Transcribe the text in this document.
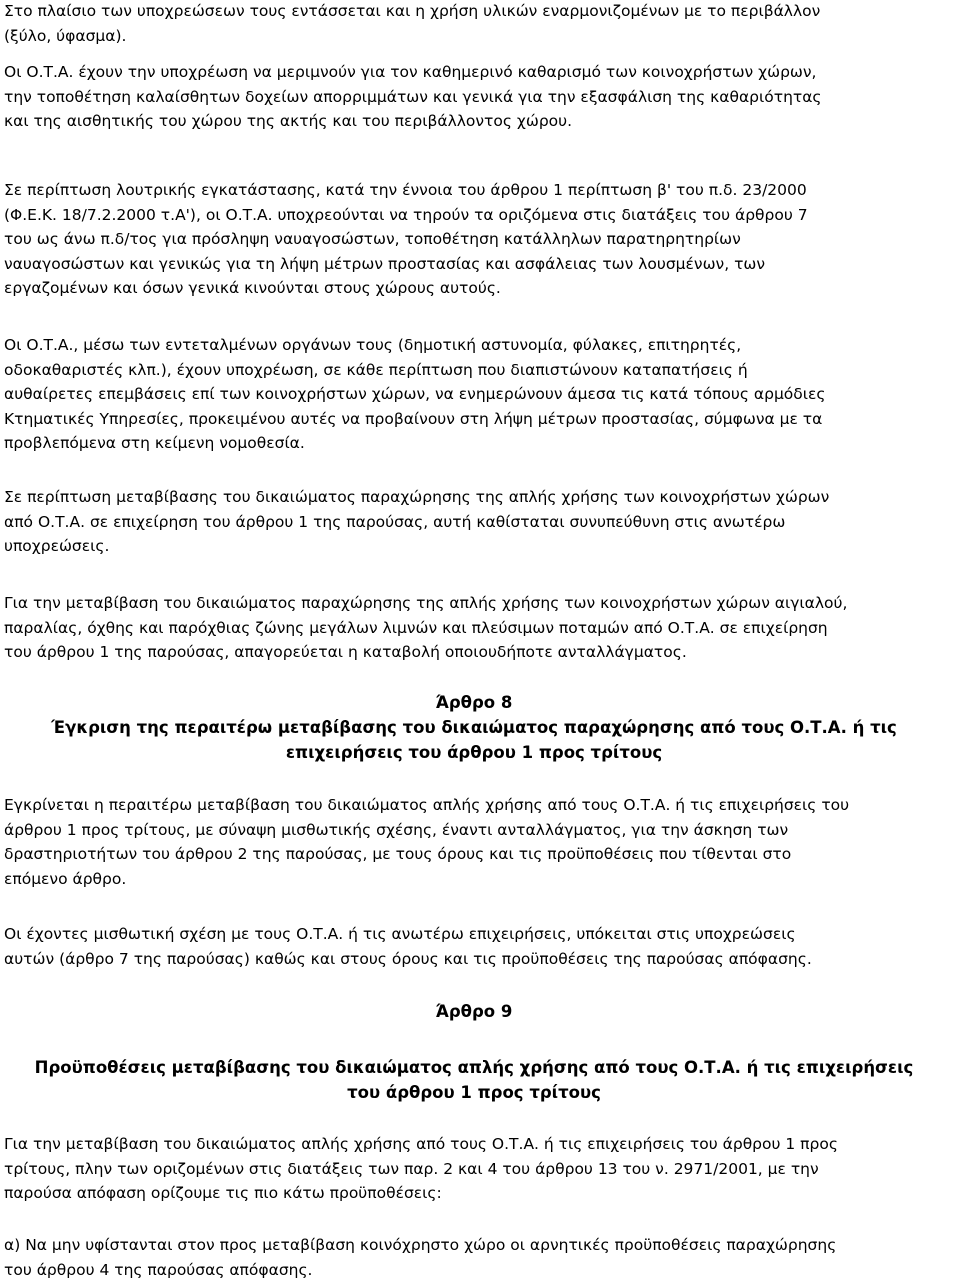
Στο πλαίσιο των υποχρεώσεων τους εντάσσεται και η χρήση υλικών εναρμονιζομένων με το περιβάλλον
(ξύλο, ύφασμα).

Οι Ο.Τ.Α. έχουν την υποχρέωση να μεριμνούν για τον καθημερινό καθαρισμό των κοινοχρήστων χώρων,
την τοποθέτηση καλαίσθητων δοχείων απορριμμάτων και γενικά για την εξασφάλιση της καθαριότητας
και της αισθητικής του χώρου της ακτής και του περιβάλλοντος χώρου.

Σε περίπτωση λουτρικής εγκατάστασης, κατά την έννοια του άρθρου 1 περίπτωση β' του π.δ. 23/2000
(Φ.Ε.Κ. 18/7.2.2000 τ.Α'), οι Ο.Τ.Α. υποχρεούνται να τηρούν τα οριζόμενα στις διατάξεις του άρθρου 7
του ως άνω π.δ/τος για πρόσληψη ναυαγοσώστων, τοποθέτηση κατάλληλων παρατηρητηρίων
ναυαγοσώστων και γενικώς για τη λήψη μέτρων προστασίας και ασφάλειας των λουσμένων, των
εργαζομένων και όσων γενικά κινούνται στους χώρους αυτούς.

Οι Ο.Τ.Α., μέσω των εντεταλμένων οργάνων τους (δημοτική αστυνομία, φύλακες, επιτηρητές,
οδοκαθαριστές κλπ.), έχουν υποχρέωση, σε κάθε περίπτωση που διαπιστώνουν καταπατήσεις ή
αυθαίρετες επεμβάσεις επί των κοινοχρήστων χώρων, να ενημερώνουν άμεσα τις κατά τόπους αρμόδιες
Κτηματικές Υπηρεσίες, προκειμένου αυτές να προβαίνουν στη λήψη μέτρων προστασίας, σύμφωνα με τα
προβλεπόμενα στη κείμενη νομοθεσία.

Σε περίπτωση μεταβίβασης του δικαιώματος παραχώρησης της απλής χρήσης των κοινοχρήστων χώρων
από Ο.Τ.Α. σε επιχείρηση του άρθρου 1 της παρούσας, αυτή καθίσταται συνυπεύθυνη στις ανωτέρω
υποχρεώσεις.

Για την μεταβίβαση του δικαιώματος παραχώρησης της απλής χρήσης των κοινοχρήστων χώρων αιγιαλού,
παραλίας, όχθης και παρόχθιας ζώνης μεγάλων λιμνών και πλεύσιμων ποταμών από Ο.Τ.Α. σε επιχείρηση
του άρθρου 1 της παρούσας, απαγορεύεται η καταβολή οποιουδήποτε ανταλλάγματος.

Άρθρο 8

Έγκριση της περαιτέρω μεταβίβασης του δικαιώματος παραχώρησης από τους Ο.Τ.Α. ή τις
επιχειρήσεις του άρθρου 1 προς τρίτους

Εγκρίνεται η περαιτέρω μεταβίβαση του δικαιώματος απλής χρήσης από τους Ο.Τ.Α. ή τις επιχειρήσεις του
άρθρου 1 προς τρίτους, με σύναψη μισθωτικής σχέσης, έναντι ανταλλάγματος, για την άσκηση των
δραστηριοτήτων του άρθρου 2 της παρούσας, με τους όρους και τις προϋποθέσεις που τίθενται στο
επόμενο άρθρο.

Οι έχοντες μισθωτική σχέση με τους Ο.Τ.Α. ή τις ανωτέρω επιχειρήσεις, υπόκειται στις υποχρεώσεις
αυτών (άρθρο 7 της παρούσας) καθώς και στους όρους και τις προϋποθέσεις της παρούσας απόφασης.

Άρθρο 9

Προϋποθέσεις μεταβίβασης του δικαιώματος απλής χρήσης από τους Ο.Τ.Α. ή τις επιχειρήσεις
του άρθρου 1 προς τρίτους

Για την μεταβίβαση του δικαιώματος απλής χρήσης από τους Ο.Τ.Α. ή τις επιχειρήσεις του άρθρου 1 προς
τρίτους, πλην των οριζομένων στις διατάξεις των παρ. 2 και 4 του άρθρου 13 του ν. 2971/2001, με την
παρούσα απόφαση ορίζουμε τις πιο κάτω προϋποθέσεις:

α) Να μην υφίστανται στον προς μεταβίβαση κοινόχρηστο χώρο οι αρνητικές προϋποθέσεις παραχώρησης
του άρθρου 4 της παρούσας απόφασης.
